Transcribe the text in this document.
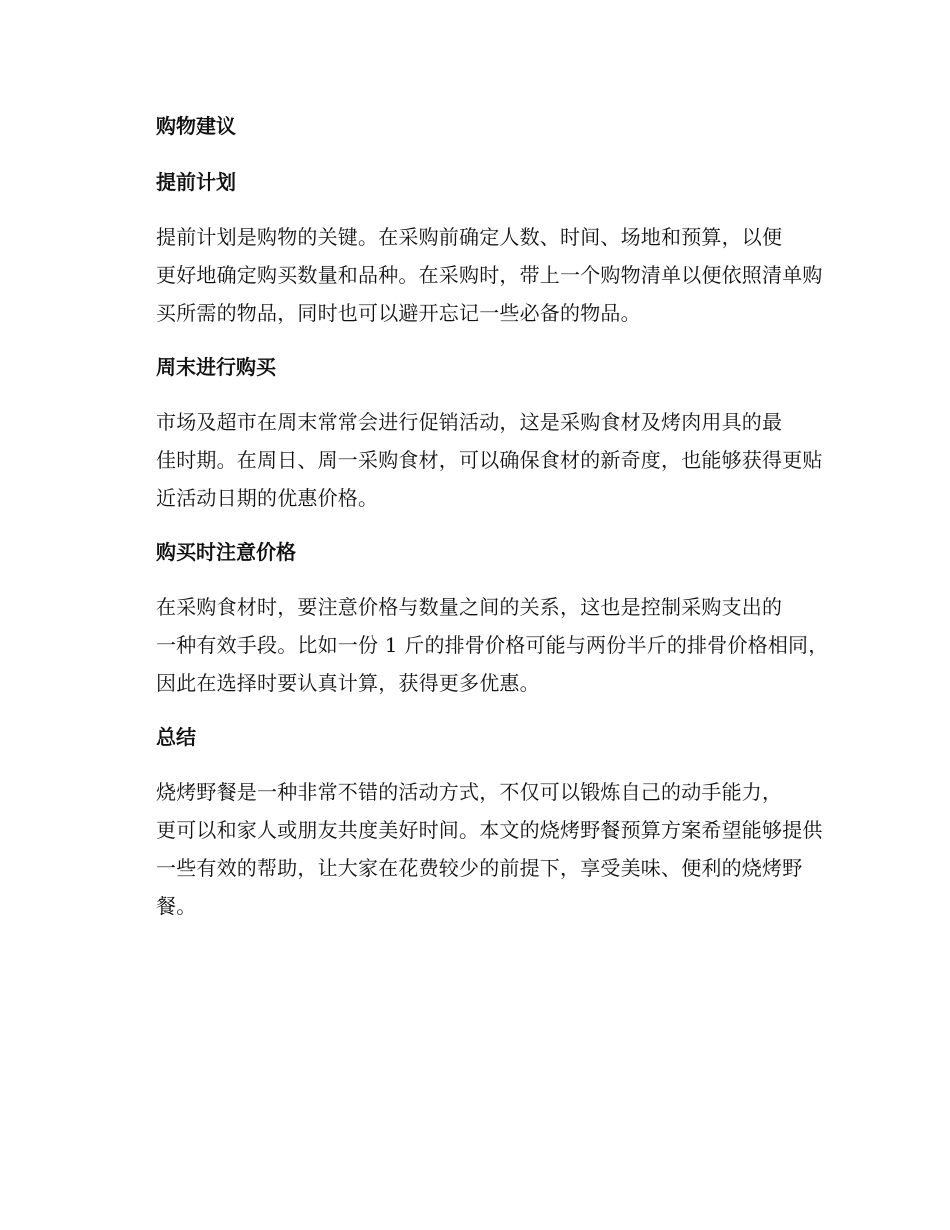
购物建议
提前计划
提前计划是购物的关键。在采购前确定人数、时间、场地和预算，以便
更好地确定购买数量和品种。在采购时，带上一个购物清单以便依照清单购
买所需的物品，同时也可以避开忘记一些必备的物品。
周末进行购买
市场及超市在周末常常会进行促销活动，这是采购食材及烤肉用具的最
佳时期。在周日、周一采购食材，可以确保食材的新奇度，也能够获得更贴
近活动日期的优惠价格。
购买时注意价格
在采购食材时，要注意价格与数量之间的关系，这也是控制采购支出的
一种有效手段。比如一份 1 斤的排骨价格可能与两份半斤的排骨价格相同，
因此在选择时要认真计算，获得更多优惠。
总结
烧烤野餐是一种非常不错的活动方式，不仅可以锻炼自己的动手能力，
更可以和家人或朋友共度美好时间。本文的烧烤野餐预算方案希望能够提供
一些有效的帮助，让大家在花费较少的前提下，享受美味、便利的烧烤野
餐。
